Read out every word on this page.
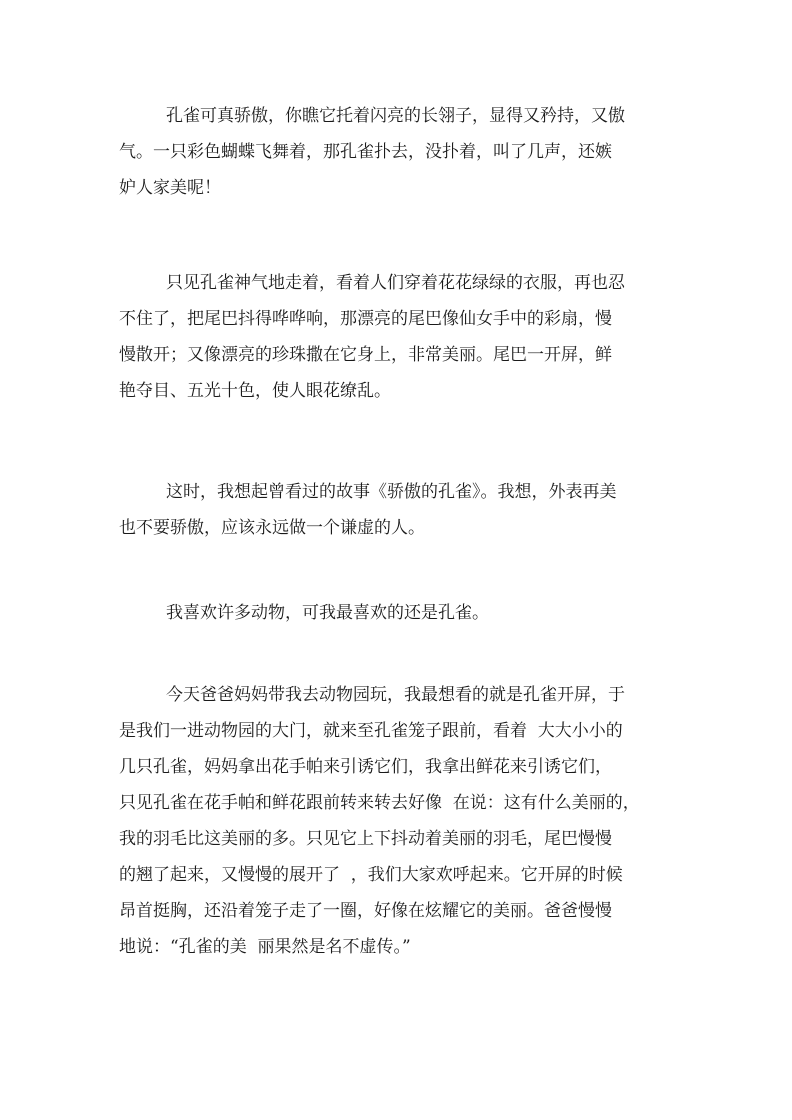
孔雀可真骄傲，你瞧它托着闪亮的长翎子，显得又矜持，又傲
气。一只彩色蝴蝶飞舞着，那孔雀扑去，没扑着，叫了几声，还嫉
妒人家美呢！
只见孔雀神气地走着，看着人们穿着花花绿绿的衣服，再也忍
不住了，把尾巴抖得哗哗响，那漂亮的尾巴像仙女手中的彩扇，慢
慢散开；又像漂亮的珍珠撒在它身上，非常美丽。尾巴一开屏，鲜
艳夺目、五光十色，使人眼花缭乱。
这时，我想起曾看过的故事《骄傲的孔雀》。我想，外表再美
也不要骄傲，应该永远做一个谦虚的人。
我喜欢许多动物，可我最喜欢的还是孔雀。
今天爸爸妈妈带我去动物园玩，我最想看的就是孔雀开屏，于
是我们一进动物园的大门，就来至孔雀笼子跟前，看着  大大小小的
几只孔雀，妈妈拿出花手帕来引诱它们，我拿出鲜花来引诱它们，
只见孔雀在花手帕和鲜花跟前转来转去好像  在说：这有什么美丽的，
我的羽毛比这美丽的多。只见它上下抖动着美丽的羽毛，尾巴慢慢
的翘了起来，又慢慢的展开了  ，我们大家欢呼起来。它开屏的时候
昂首挺胸，还沿着笼子走了一圈，好像在炫耀它的美丽。爸爸慢慢
地说：“孔雀的美  丽果然是名不虚传。”
